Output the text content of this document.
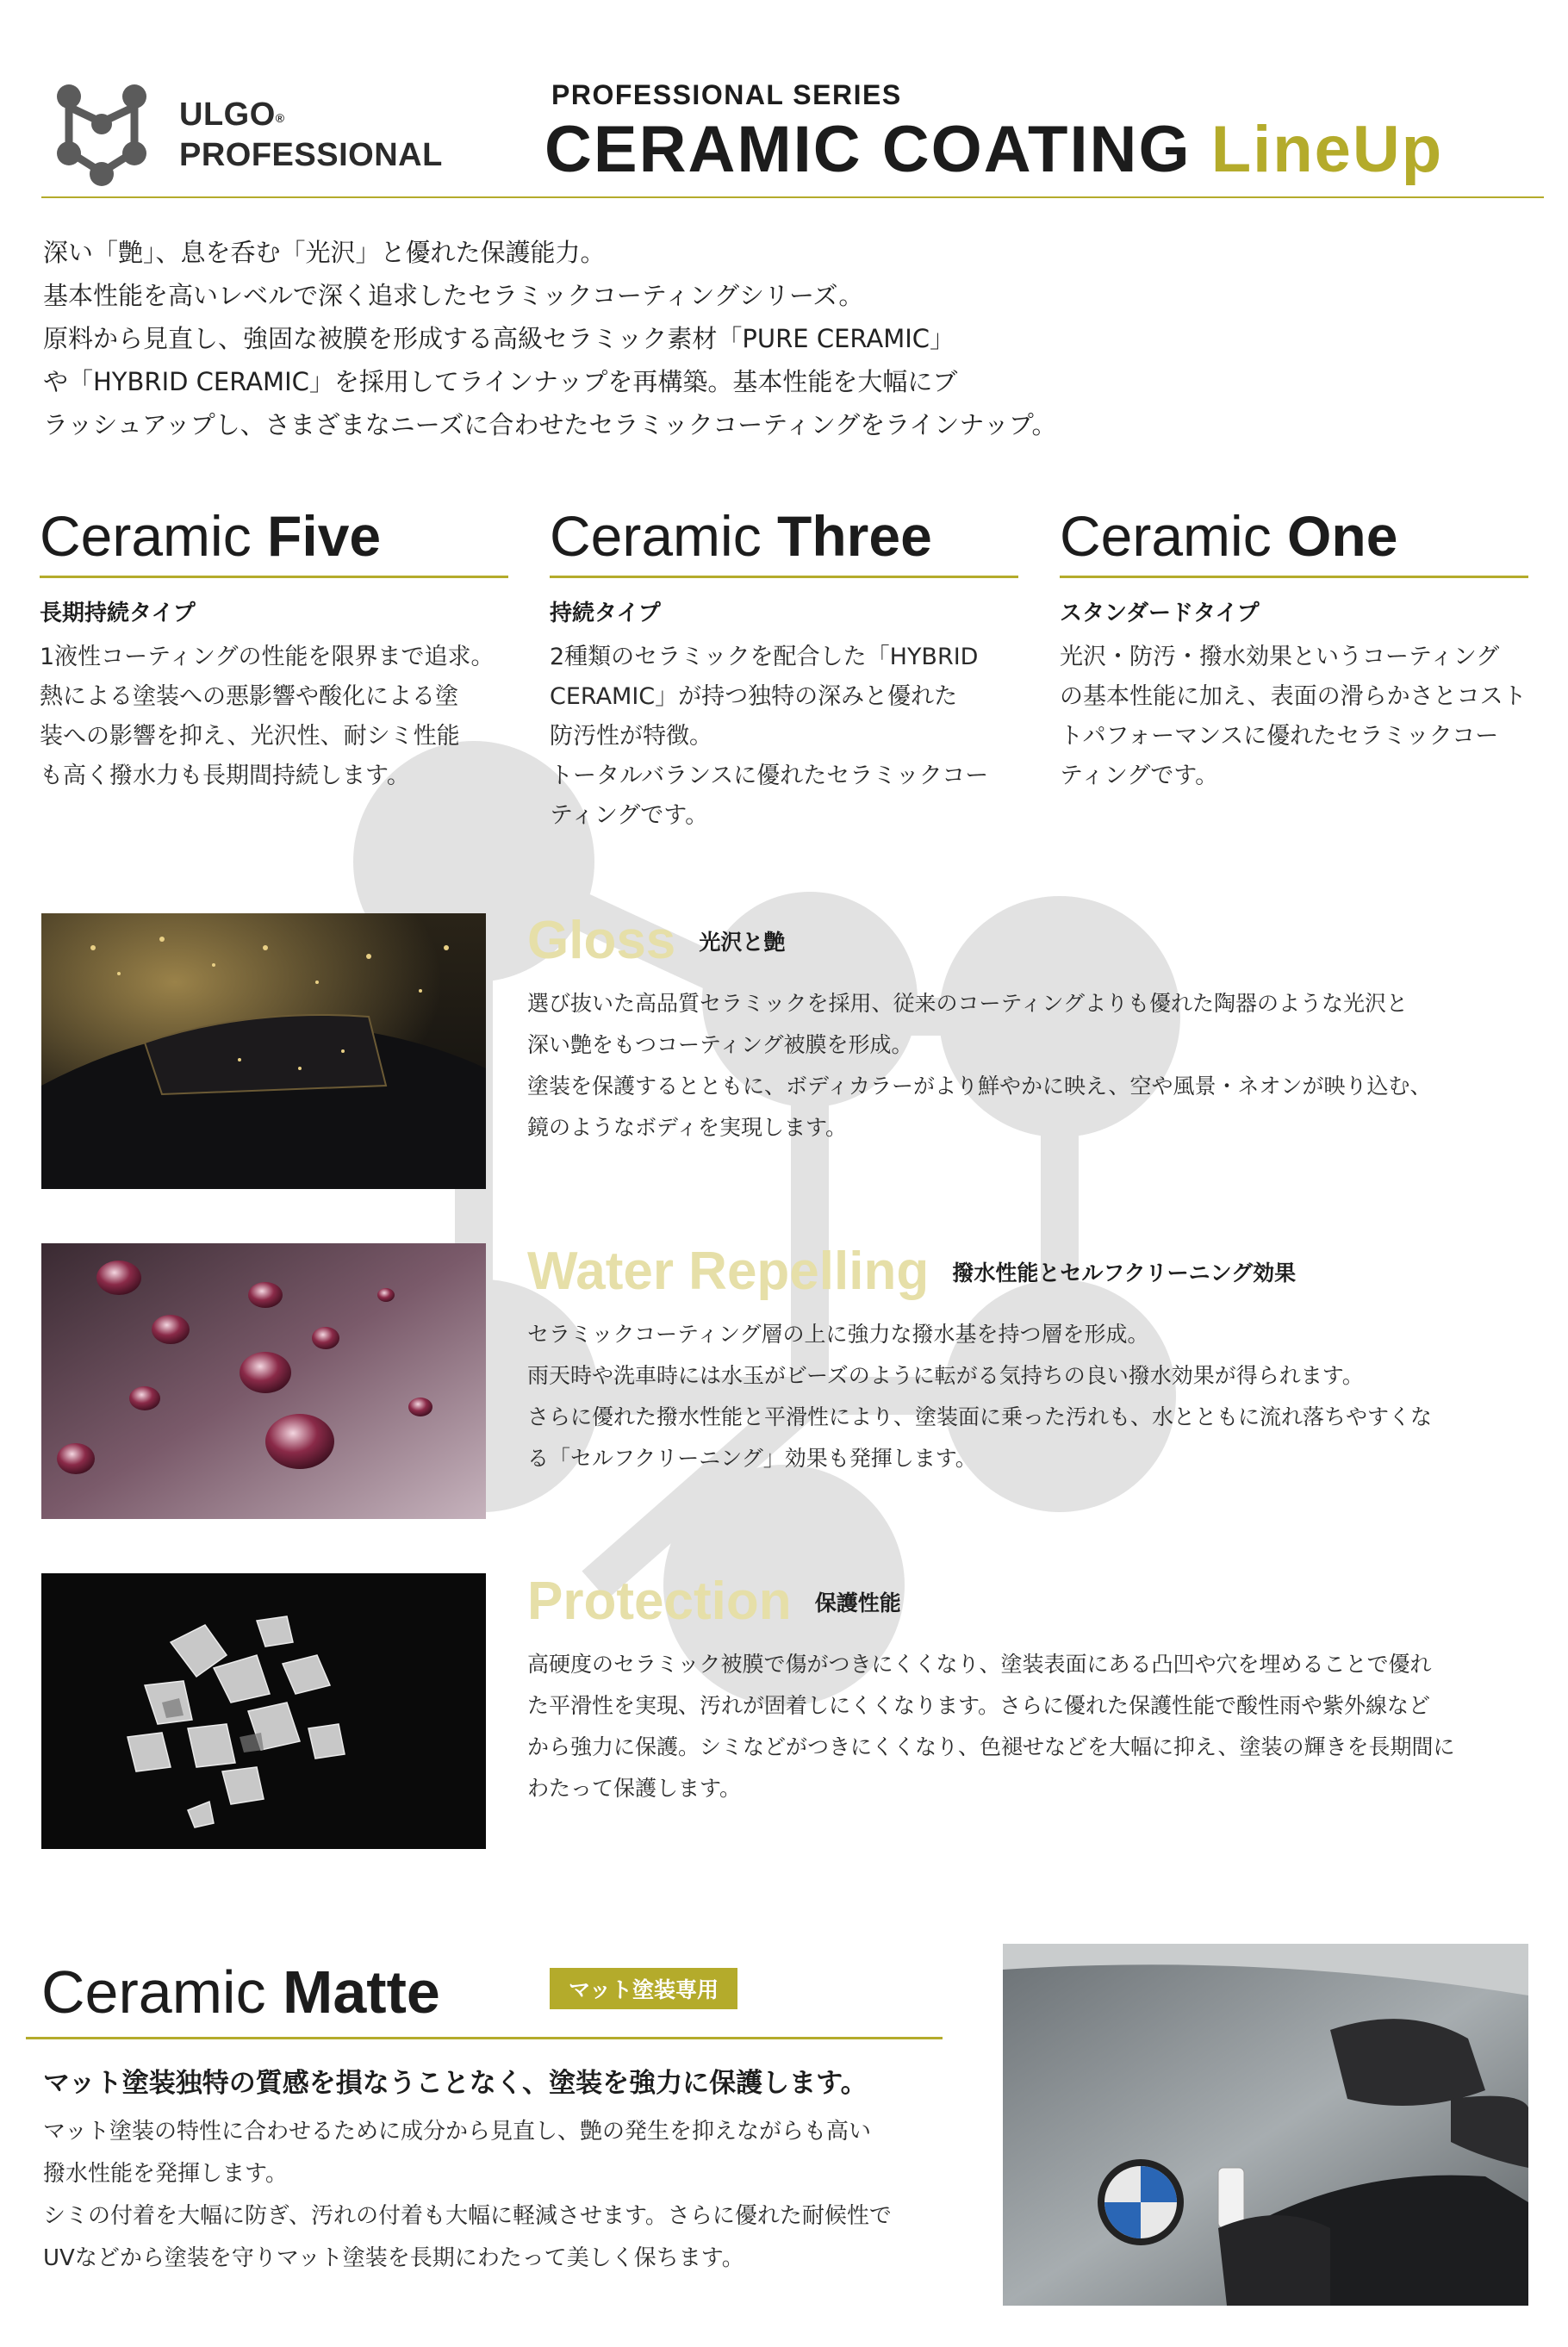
ULGO®
PROFESSIONAL
PROFESSIONAL SERIES
CERAMIC COATING LineUp
深い「艶」、息を呑む「光沢」と優れた保護能力。
基本性能を高いレベルで深く追求したセラミックコーティングシリーズ。
原料から見直し、強固な被膜を形成する高級セラミック素材「PURE CERAMIC」
や「HYBRID CERAMIC」を採用してラインナップを再構築。基本性能を大幅にブ
ラッシュアップし、さまざまなニーズに合わせたセラミックコーティングをラインナップ。
Ceramic Five
長期持続タイプ
1液性コーティングの性能を限界まで追求。
熱による塗装への悪影響や酸化による塗
装への影響を抑え、光沢性、耐シミ性能
も高く撥水力も長期間持続します。
Ceramic Three
持続タイプ
2種類のセラミックを配合した「HYBRID
CERAMIC」が持つ独特の深みと優れた
防汚性が特徴。
トータルバランスに優れたセラミックコー
ティングです。
Ceramic One
スタンダードタイプ
光沢・防汚・撥水効果というコーティング
の基本性能に加え、表面の滑らかさとコスト
トパフォーマンスに優れたセラミックコー
ティングです。
Gloss 光沢と艶
選び抜いた高品質セラミックを採用、従来のコーティングよりも優れた陶器のような光沢と
深い艶をもつコーティング被膜を形成。
塗装を保護するとともに、ボディカラーがより鮮やかに映え、空や風景・ネオンが映り込む、
鏡のようなボディを実現します。
Water Repelling 撥水性能とセルフクリーニング効果
セラミックコーティング層の上に強力な撥水基を持つ層を形成。
雨天時や洗車時には水玉がビーズのように転がる気持ちの良い撥水効果が得られます。
さらに優れた撥水性能と平滑性により、塗装面に乗った汚れも、水とともに流れ落ちやすくな
る「セルフクリーニング」効果も発揮します。
Protection 保護性能
高硬度のセラミック被膜で傷がつきにくくなり、塗装表面にある凸凹や穴を埋めることで優れ
た平滑性を実現、汚れが固着しにくくなります。さらに優れた保護性能で酸性雨や紫外線など
から強力に保護。シミなどがつきにくくなり、色褪せなどを大幅に抑え、塗装の輝きを長期間に
わたって保護します。
Ceramic Matte	マット塗装専用
マット塗装独特の質感を損なうことなく、塗装を強力に保護します。
マット塗装の特性に合わせるために成分から見直し、艶の発生を抑えながらも高い
撥水性能を発揮します。
シミの付着を大幅に防ぎ、汚れの付着も大幅に軽減させます。さらに優れた耐候性で
UVなどから塗装を守りマット塗装を長期にわたって美しく保ちます。
